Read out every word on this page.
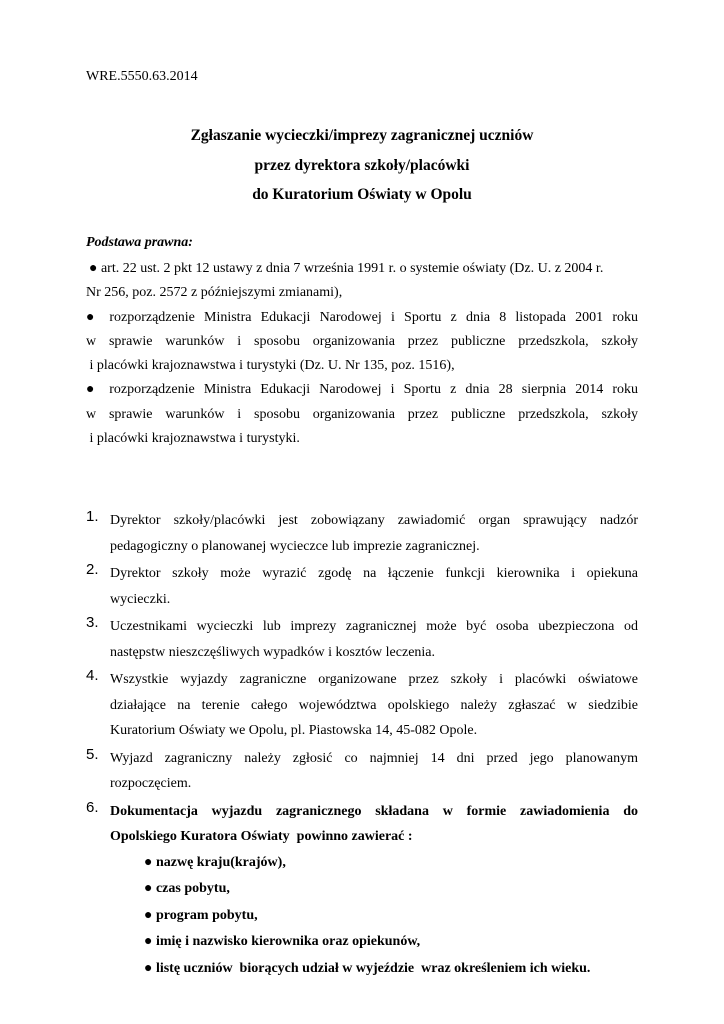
WRE.5550.63.2014
Zgłaszanie wycieczki/imprezy zagranicznej uczniów
przez dyrektora szkoły/placówki
do Kuratorium Oświaty w Opolu
Podstawa prawna:
● art. 22 ust. 2 pkt 12 ustawy z dnia 7 września 1991 r. o systemie oświaty (Dz. U. z 2004 r.
Nr 256, poz. 2572 z późniejszymi zmianami),
● rozporządzenie Ministra Edukacji Narodowej i Sportu z dnia 8 listopada 2001 roku
w sprawie warunków i sposobu organizowania przez publiczne przedszkola, szkoły
i placówki krajoznawstwa i turystyki (Dz. U. Nr 135, poz. 1516),
● rozporządzenie Ministra Edukacji Narodowej i Sportu z dnia 28 sierpnia 2014 roku
w sprawie warunków i sposobu organizowania przez publiczne przedszkola, szkoły
i placówki krajoznawstwa i turystyki.
1. Dyrektor szkoły/placówki jest zobowiązany zawiadomić organ sprawujący nadzór
pedagogiczny o planowanej wycieczce lub imprezie zagranicznej.
2. Dyrektor szkoły może wyrazić zgodę na łączenie funkcji kierownika i opiekuna
wycieczki.
3. Uczestnikami wycieczki lub imprezy zagranicznej może być osoba ubezpieczona od
następstw nieszczęśliwych wypadków i kosztów leczenia.
4. Wszystkie wyjazdy zagraniczne organizowane przez szkoły i placówki oświatowe
działające na terenie całego województwa opolskiego należy zgłaszać w siedzibie
Kuratorium Oświaty we Opolu, pl. Piastowska 14, 45-082 Opole.
5. Wyjazd zagraniczny należy zgłosić co najmniej 14 dni przed jego planowanym
rozpoczęciem.
6. Dokumentacja wyjazdu zagranicznego składana w formie zawiadomienia do
Opolskiego Kuratora Oświaty  powinno zawierać :
● nazwę kraju(krajów),
● czas pobytu,
● program pobytu,
● imię i nazwisko kierownika oraz opiekunów,
● listę uczniów  biorących udział w wyjeździe  wraz określeniem ich wieku.
